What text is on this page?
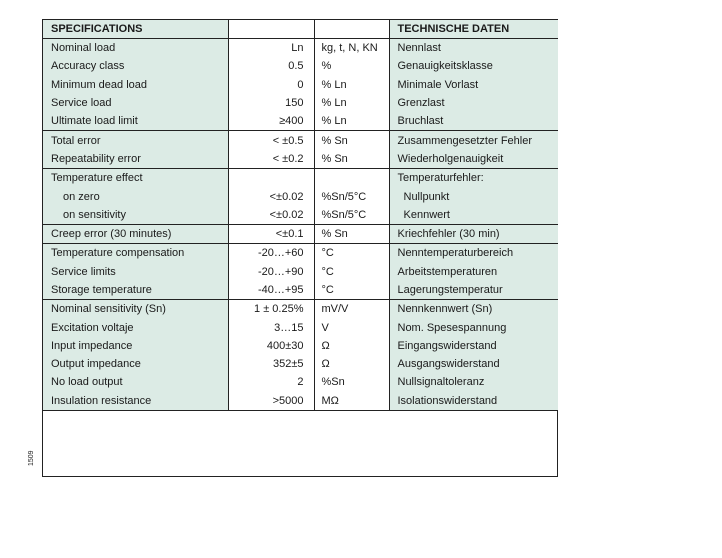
SPECIFICATIONS			TECHNISCHE DATEN
Nominal load	Ln	kg, t, N, KN	Nennlast
Accuracy class	0.5	%	Genauigkeitsklasse
Minimum dead load	0	% Ln	Minimale Vorlast
Service load	150	% Ln	Grenzlast
Ultimate load limit	≥400	% Ln	Bruchlast
Total error	< ±0.5	% Sn	Zusammengesetzter Fehler
Repeatability error	< ±0.2	% Sn	Wiederholgenauigkeit
Temperature effect			Temperaturfehler:
on zero	<±0.02	%Sn/5°C	Nullpunkt
on sensitivity	<±0.02	%Sn/5°C	Kennwert
Creep error (30 minutes)	<±0.1	% Sn	Kriechfehler (30 min)
Temperature compensation	-20…+60	°C	Nenntemperaturbereich
Service limits	-20…+90	°C	Arbeitstemperaturen
Storage temperature	-40…+95	°C	Lagerungstemperatur
Nominal sensitivity (Sn)	1 ± 0.25%	mV/V	Nennkennwert (Sn)
Excitation voltaje	3…15	V	Nom. Spesespannung
Input impedance	400±30	Ω	Eingangswiderstand
Output impedance	352±5	Ω	Ausgangswiderstand
No load output	2	%Sn	Nullsignaltoleranz
Insulation resistance	>5000	MΩ	Isolationswiderstand
1509
